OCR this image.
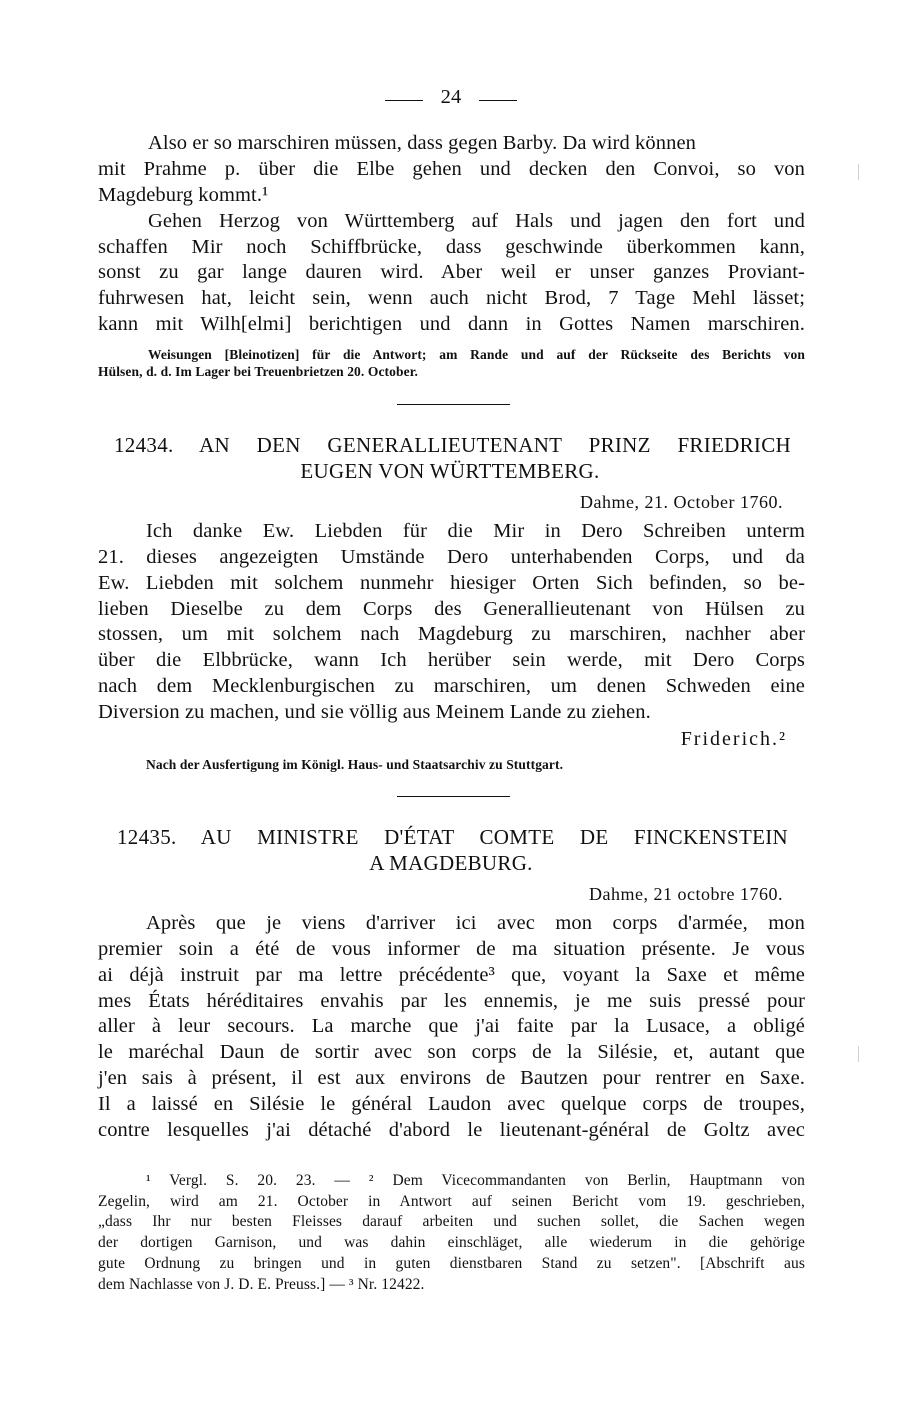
24
Also er so marschiren müssen, dass gegen Barby. Da wird können
mit Prahme p. über die Elbe gehen und decken den Convoi, so von
Magdeburg kommt.¹
Gehen Herzog von Württemberg auf Hals und jagen den fort und
schaffen Mir noch Schiffbrücke, dass geschwinde überkommen kann,
sonst zu gar lange dauren wird. Aber weil er unser ganzes Proviant-
fuhrwesen hat, leicht sein, wenn auch nicht Brod, 7 Tage Mehl lässet;
kann mit Wilh[elmi] berichtigen und dann in Gottes Namen marschiren.
Weisungen [Bleinotizen] für die Antwort; am Rande und auf der Rückseite des Berichts von
Hülsen, d. d. Im Lager bei Treuenbrietzen 20. October.
12434. AN DEN GENERALLIEUTENANT PRINZ FRIEDRICH
EUGEN VON WÜRTTEMBERG.
Dahme, 21. October 1760.
Ich danke Ew. Liebden für die Mir in Dero Schreiben unterm
21. dieses angezeigten Umstände Dero unterhabenden Corps, und da
Ew. Liebden mit solchem nunmehr hiesiger Orten Sich befinden, so be-
lieben Dieselbe zu dem Corps des Generallieutenant von Hülsen zu
stossen, um mit solchem nach Magdeburg zu marschiren, nachher aber
über die Elbbrücke, wann Ich herüber sein werde, mit Dero Corps
nach dem Mecklenburgischen zu marschiren, um denen Schweden eine
Diversion zu machen, und sie völlig aus Meinem Lande zu ziehen.
Friderich.²
Nach der Ausfertigung im Königl. Haus- und Staatsarchiv zu Stuttgart.
12435. AU MINISTRE D'ÉTAT COMTE DE FINCKENSTEIN
A MAGDEBURG.
Dahme, 21 octobre 1760.
Après que je viens d'arriver ici avec mon corps d'armée, mon
premier soin a été de vous informer de ma situation présente. Je vous
ai déjà instruit par ma lettre précédente³ que, voyant la Saxe et même
mes États héréditaires envahis par les ennemis, je me suis pressé pour
aller à leur secours. La marche que j'ai faite par la Lusace, a obligé
le maréchal Daun de sortir avec son corps de la Silésie, et, autant que
j'en sais à présent, il est aux environs de Bautzen pour rentrer en Saxe.
Il a laissé en Silésie le général Laudon avec quelque corps de troupes,
contre lesquelles j'ai détaché d'abord le lieutenant-général de Goltz avec
¹ Vergl. S. 20. 23. — ² Dem Vicecommandanten von Berlin, Hauptmann von
Zegelin, wird am 21. October in Antwort auf seinen Bericht vom 19. geschrieben,
„dass Ihr nur besten Fleisses darauf arbeiten und suchen sollet, die Sachen wegen
der dortigen Garnison, und was dahin einschläget, alle wiederum in die gehörige
gute Ordnung zu bringen und in guten dienstbaren Stand zu setzen". [Abschrift aus
dem Nachlasse von J. D. E. Preuss.] — ³ Nr. 12422.
